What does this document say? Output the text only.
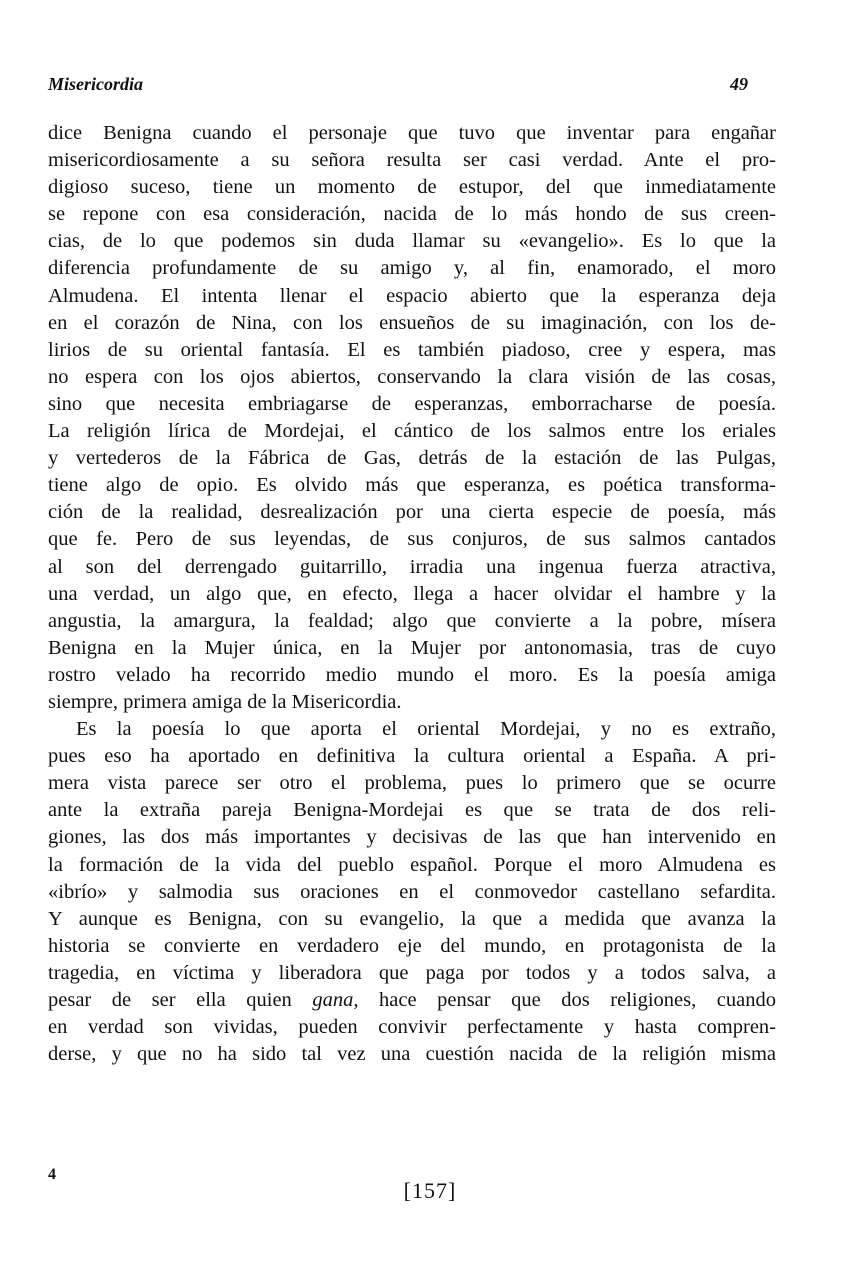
Misericordia	49
dice Benigna cuando el personaje que tuvo que inventar para engañar
misericordiosamente a su señora resulta ser casi verdad. Ante el pro-
digioso suceso, tiene un momento de estupor, del que inmediatamente
se repone con esa consideración, nacida de lo más hondo de sus creen-
cias, de lo que podemos sin duda llamar su «evangelio». Es lo que la
diferencia profundamente de su amigo y, al fin, enamorado, el moro
Almudena. El intenta llenar el espacio abierto que la esperanza deja
en el corazón de Nina, con los ensueños de su imaginación, con los de-
lirios de su oriental fantasía. El es también piadoso, cree y espera, mas
no espera con los ojos abiertos, conservando la clara visión de las cosas,
sino que necesita embriagarse de esperanzas, emborracharse de poesía.
La religión lírica de Mordejai, el cántico de los salmos entre los eriales
y vertederos de la Fábrica de Gas, detrás de la estación de las Pulgas,
tiene algo de opio. Es olvido más que esperanza, es poética transforma-
ción de la realidad, desrealización por una cierta especie de poesía, más
que fe. Pero de sus leyendas, de sus conjuros, de sus salmos cantados
al son del derrengado guitarrillo, irradia una ingenua fuerza atractiva,
una verdad, un algo que, en efecto, llega a hacer olvidar el hambre y la
angustia, la amargura, la fealdad; algo que convierte a la pobre, mísera
Benigna en la Mujer única, en la Mujer por antonomasia, tras de cuyo
rostro velado ha recorrido medio mundo el moro. Es la poesía amiga
siempre, primera amiga de la Misericordia.
Es la poesía lo que aporta el oriental Mordejai, y no es extraño,
pues eso ha aportado en definitiva la cultura oriental a España. A pri-
mera vista parece ser otro el problema, pues lo primero que se ocurre
ante la extraña pareja Benigna-Mordejai es que se trata de dos reli-
giones, las dos más importantes y decisivas de las que han intervenido en
la formación de la vida del pueblo español. Porque el moro Almudena es
«ibrío» y salmodia sus oraciones en el conmovedor castellano sefardita.
Y aunque es Benigna, con su evangelio, la que a medida que avanza la
historia se convierte en verdadero eje del mundo, en protagonista de la
tragedia, en víctima y liberadora que paga por todos y a todos salva, a
pesar de ser ella quien gana, hace pensar que dos religiones, cuando
en verdad son vividas, pueden convivir perfectamente y hasta compren-
derse, y que no ha sido tal vez una cuestión nacida de la religión misma
4
[157]
